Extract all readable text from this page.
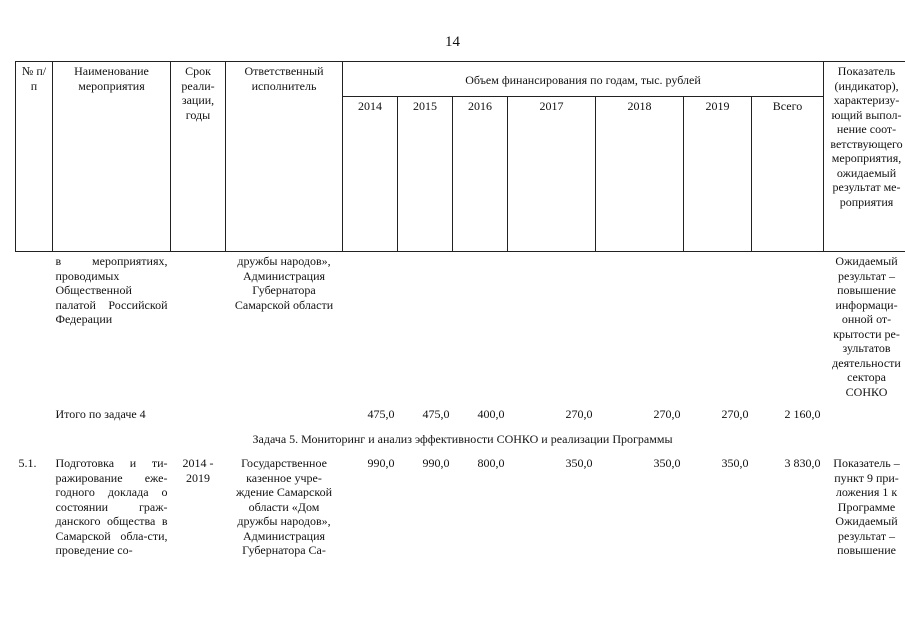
14
№ п/п	Наименование мероприятия	Срок реали-зации, годы	Ответственный исполнитель	Объем финансирования по годам, тыс. рублей							Показатель (индикатор), характеризу-ющий выпол-нение соот-ветствующего мероприятия, ожидаемый результат ме-роприятия
				2014	2015	2016	2017	2018	2019	Всего	
	в мероприятиях, проводимых Общественной палатой Российской Федерации		дружбы народов», Администрация Губернатора Самарской области								Ожидаемый результат – повышение информаци-онной от-крытости ре-зультатов деятельности сектора СОНКО
	Итого по задаче 4			475,0	475,0	400,0	270,0	270,0	270,0	2 160,0	
Задача 5. Мониторинг и анализ эффективности СОНКО и реализации Программы											
5.1.	Подготовка и ти-ражирование еже-годного доклада о состоянии граж-данского общества в Самарской обла-сти, проведение со-	2014 - 2019	Государственное казенное учре-ждение Самарской области «Дом дружбы народов», Администрация Губернатора Са-	990,0	990,0	800,0	350,0	350,0	350,0	3 830,0	Показатель – пункт 9 при-ложения 1 к Программе Ожидаемый результат – повышение
